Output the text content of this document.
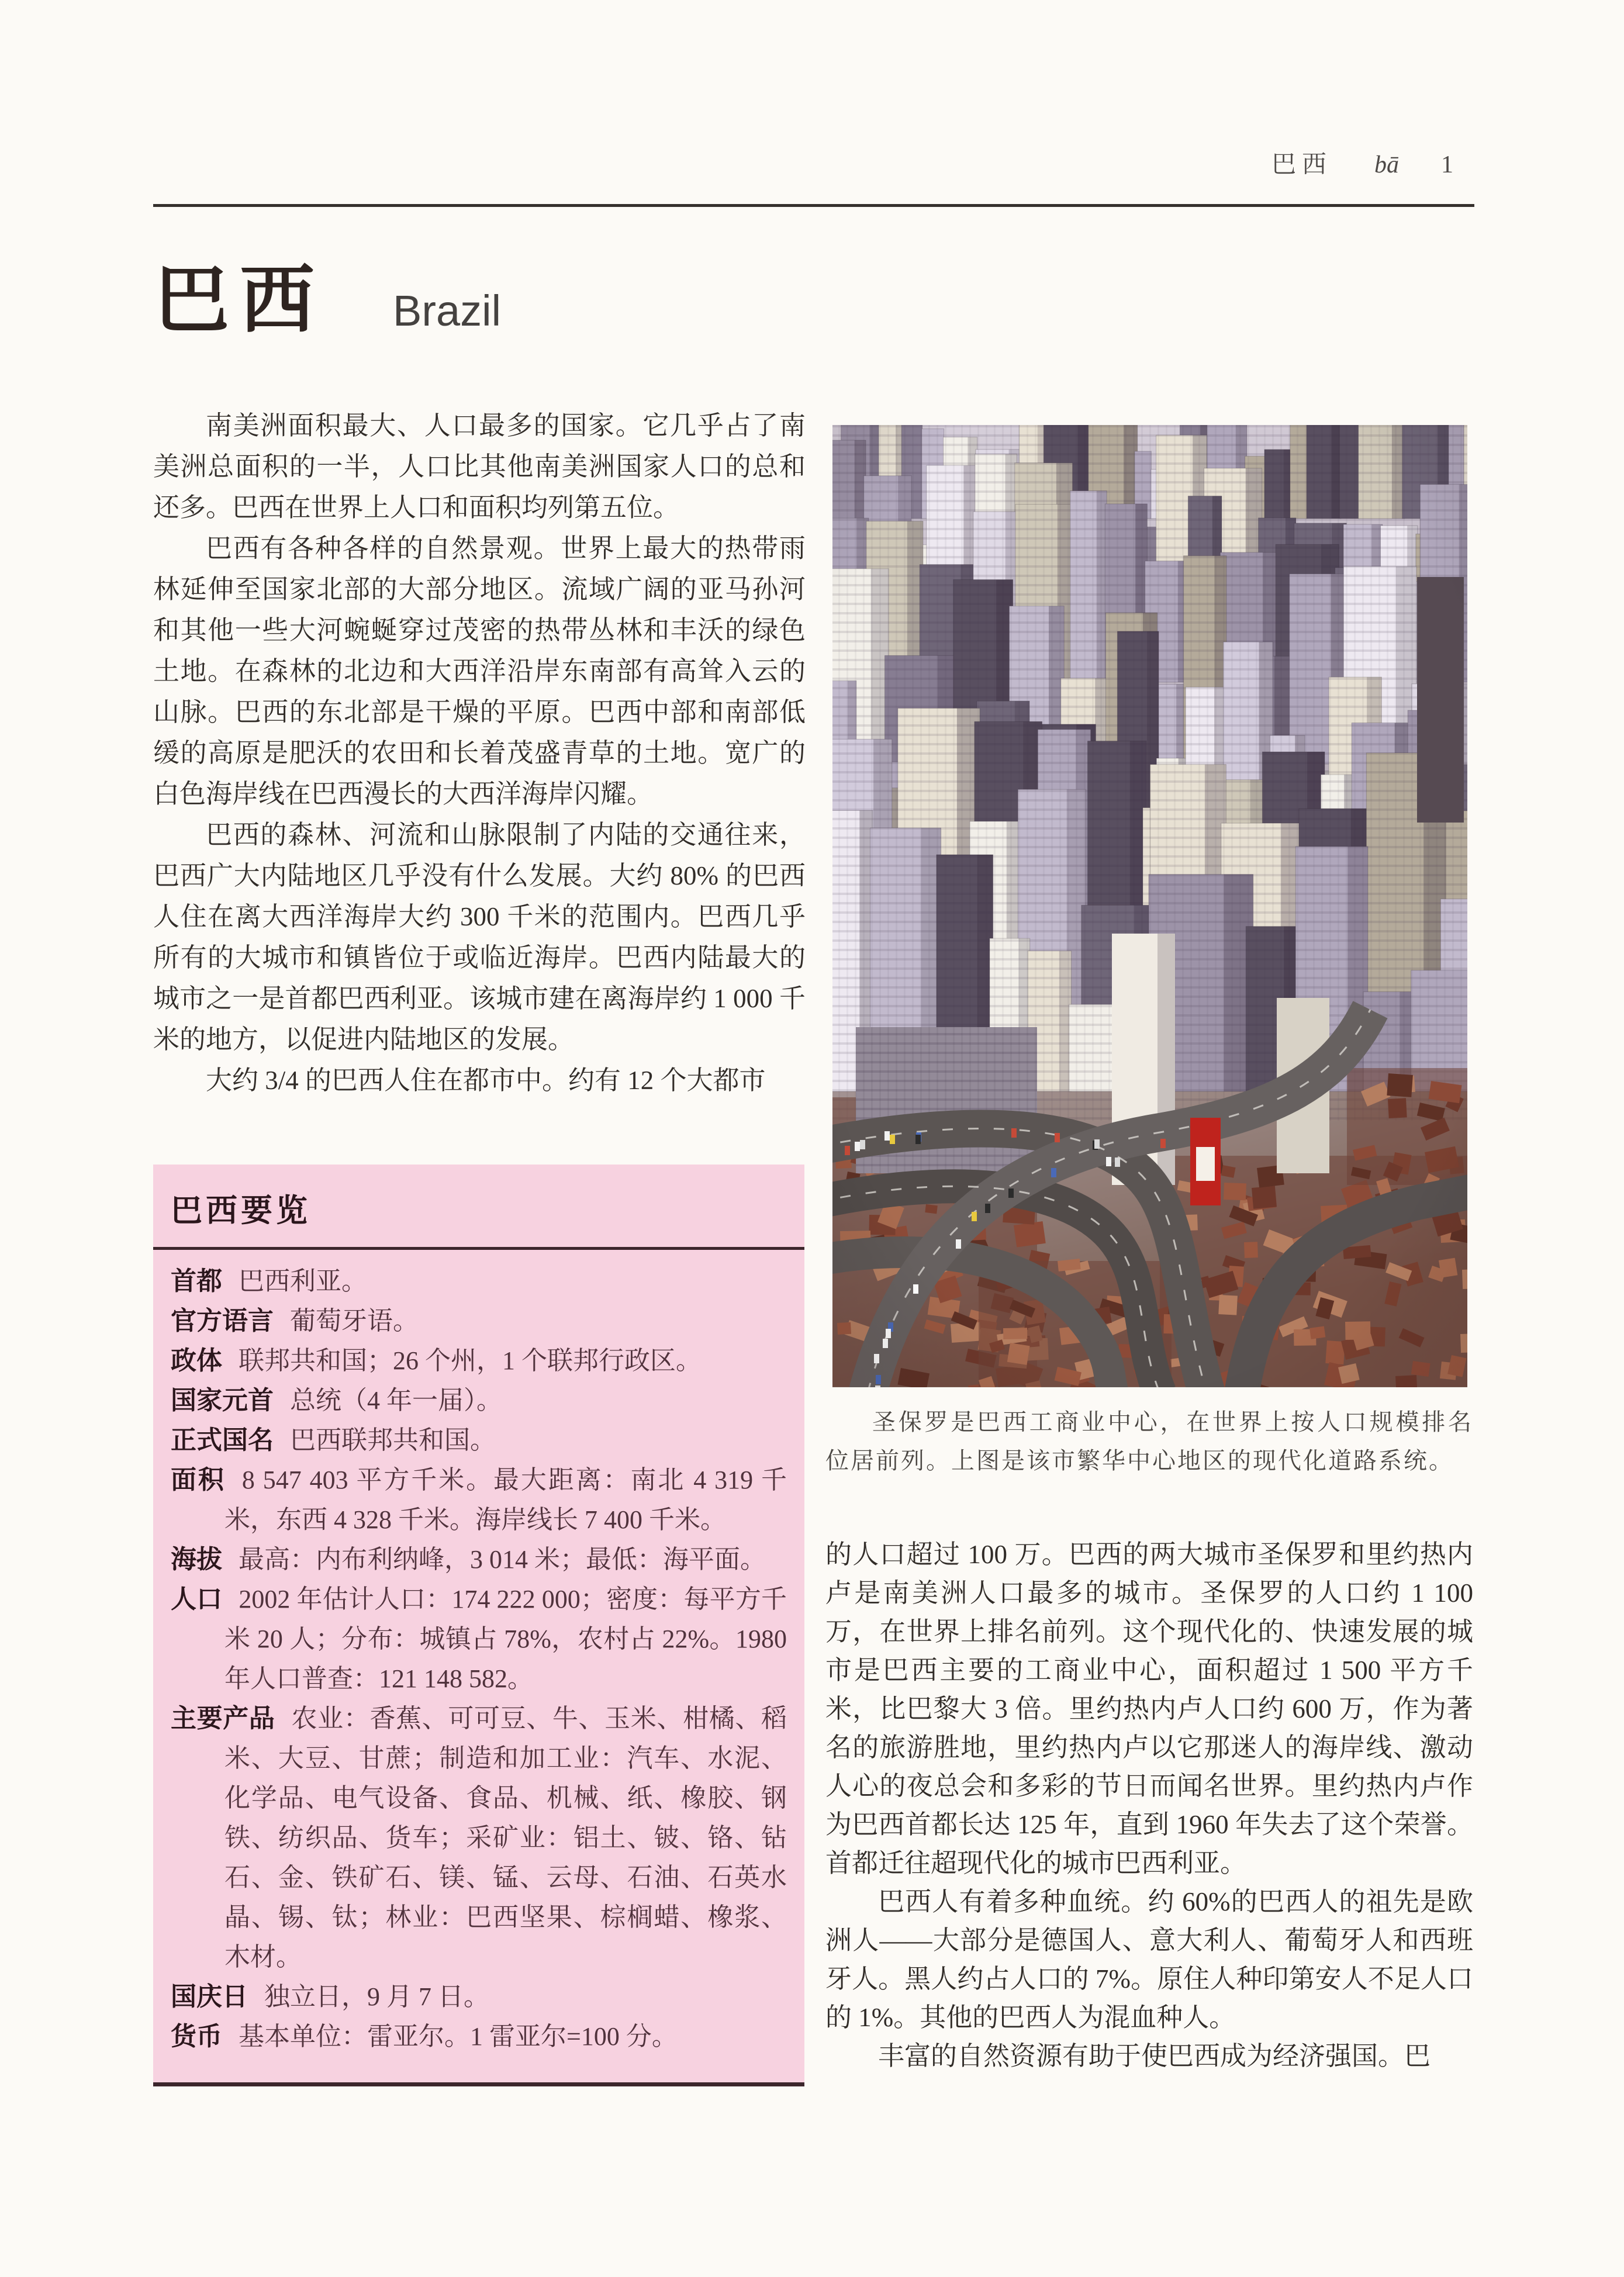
巴西 bā 1
巴西 Brazil

南美洲面积最大、人口最多的国家。它几乎占了南美洲总面积的一半，人口比其他南美洲国家人口的总和还多。巴西在世界上人口和面积均列第五位。

巴西有各种各样的自然景观。世界上最大的热带雨林延伸至国家北部的大部分地区。流域广阔的亚马孙河和其他一些大河蜿蜒穿过茂密的热带丛林和丰沃的绿色土地。在森林的北边和大西洋沿岸东南部有高耸入云的山脉。巴西的东北部是干燥的平原。巴西中部和南部低缓的高原是肥沃的农田和长着茂盛青草的土地。宽广的白色海岸线在巴西漫长的大西洋海岸闪耀。

巴西的森林、河流和山脉限制了内陆的交通往来，巴西广大内陆地区几乎没有什么发展。大约 80% 的巴西人住在离大西洋海岸大约 300 千米的范围内。巴西几乎所有的大城市和镇皆位于或临近海岸。巴西内陆最大的城市之一是首都巴西利亚。该城市建在离海岸约 1 000 千米的地方，以促进内陆地区的发展。

大约 3/4 的巴西人住在都市中。约有 12 个大都市

巴西要览

首都 巴西利亚。

官方语言 葡萄牙语。

政体 联邦共和国；26 个州，1 个联邦行政区。

国家元首 总统（4 年一届）。

正式国名 巴西联邦共和国。

面积 8 547 403 平方千米。最大距离：南北 4 319 千米，东西 4 328 千米。海岸线长 7 400 千米。

海拔 最高：内布利纳峰，3 014 米；最低：海平面。

人口 2002 年估计人口：174 222 000；密度：每平方千米 20 人；分布：城镇占 78%，农村占 22%。1980 年人口普查：121 148 582。

主要产品 农业：香蕉、可可豆、牛、玉米、柑橘、稻米、大豆、甘蔗；制造和加工业：汽车、水泥、化学品、电气设备、食品、机械、纸、橡胶、钢铁、纺织品、货车；采矿业：铝土、铍、铬、钻石、金、铁矿石、镁、锰、云母、石油、石英水晶、锡、钛；林业：巴西坚果、棕榈蜡、橡浆、木材。

国庆日 独立日，9 月 7 日。

货币 基本单位：雷亚尔。1 雷亚尔=100 分。

圣保罗是巴西工商业中心，在世界上按人口规模排名位居前列。上图是该市繁华中心地区的现代化道路系统。

的人口超过 100 万。巴西的两大城市圣保罗和里约热内卢是南美洲人口最多的城市。圣保罗的人口约 1 100 万，在世界上排名前列。这个现代化的、快速发展的城市是巴西主要的工商业中心，面积超过 1 500 平方千米，比巴黎大 3 倍。里约热内卢人口约 600 万，作为著名的旅游胜地，里约热内卢以它那迷人的海岸线、激动人心的夜总会和多彩的节日而闻名世界。里约热内卢作为巴西首都长达 125 年，直到 1960 年失去了这个荣誉。首都迁往超现代化的城市巴西利亚。

巴西人有着多种血统。约 60%的巴西人的祖先是欧洲人——大部分是德国人、意大利人、葡萄牙人和西班牙人。黑人约占人口的 7%。原住人种印第安人不足人口的 1%。其他的巴西人为混血种人。

丰富的自然资源有助于使巴西成为经济强国。巴
